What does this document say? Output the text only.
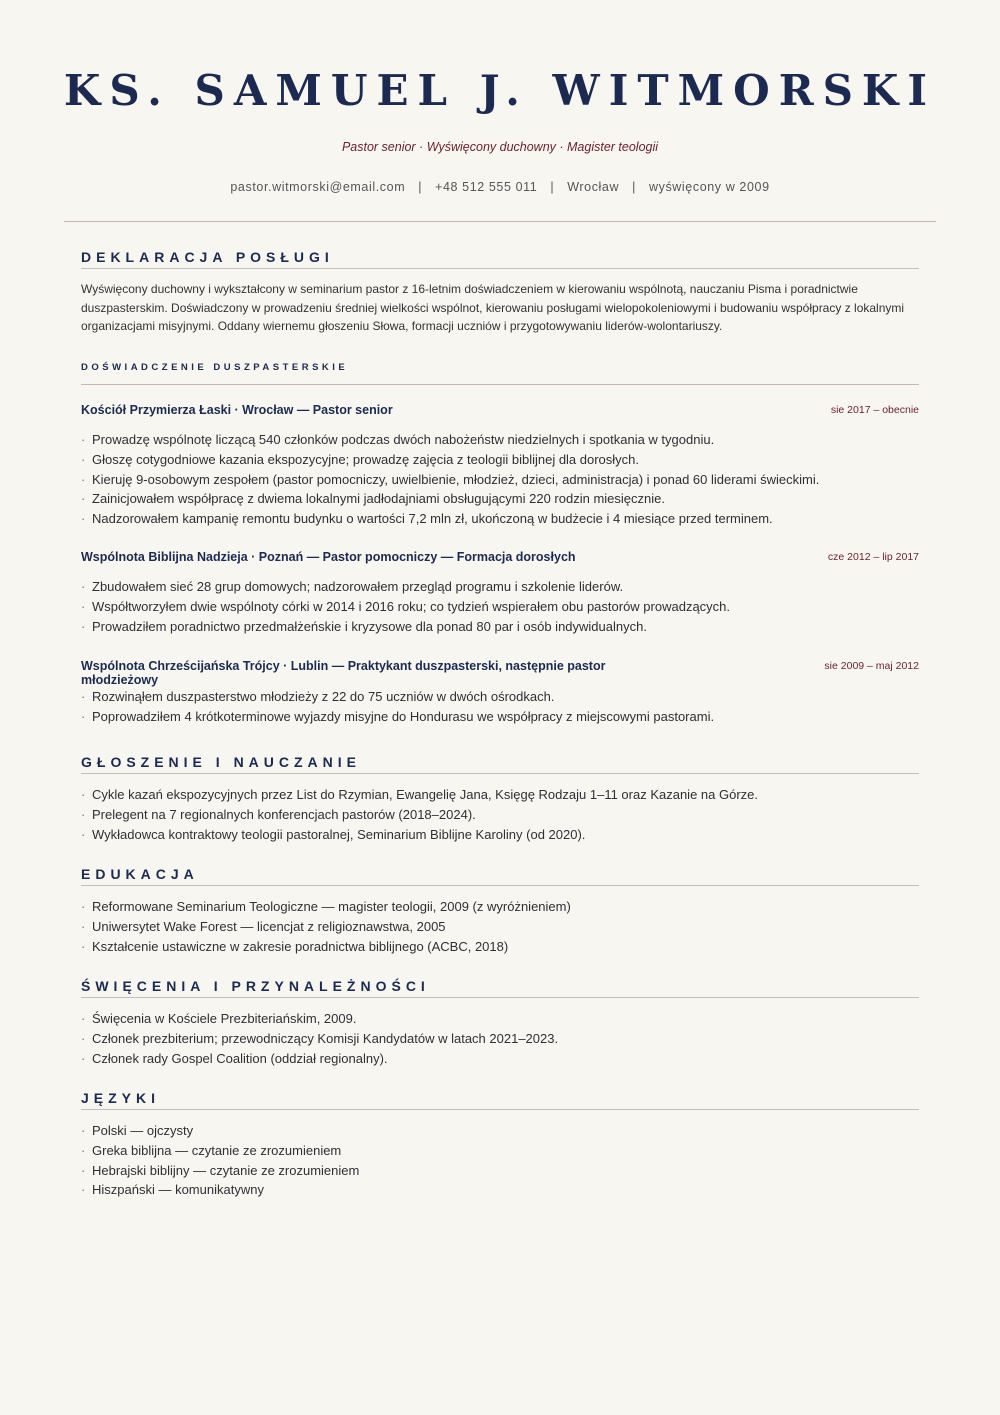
KS. SAMUEL J. WITMORSKI
Pastor senior · Wyświęcony duchowny · Magister teologii
pastor.witmorski@email.com | +48 512 555 011 | Wrocław | wyświęcony w 2009
DEKLARACJA POSŁUGI
Wyświęcony duchowny i wykształcony w seminarium pastor z 16-letnim doświadczeniem w kierowaniu wspólnotą, nauczaniu Pisma i poradnictwie duszpasterskim. Doświadczony w prowadzeniu średniej wielkości wspólnot, kierowaniu posługami wielopokoleniowymi i budowaniu współpracy z lokalnymi organizacjami misyjnymi. Oddany wiernemu głoszeniu Słowa, formacji uczniów i przygotowywaniu liderów-wolontariuszy.
DOŚWIADCZENIE DUSZPASTERSKIE
Kościół Przymierza Łaski · Wrocław — Pastor senior	sie 2017 – obecnie
· Prowadzę wspólnotę liczącą 540 członków podczas dwóch nabożeństw niedzielnych i spotkania w tygodniu.
· Głoszę cotygodniowe kazania ekspozycyjne; prowadzę zajęcia z teologii biblijnej dla dorosłych.
· Kieruję 9-osobowym zespołem (pastor pomocniczy, uwielbienie, młodzież, dzieci, administracja) i ponad 60 liderami świeckimi.
· Zainicjowałem współpracę z dwiema lokalnymi jadłodajniami obsługującymi 220 rodzin miesięcznie.
· Nadzorowałem kampanię remontu budynku o wartości 7,2 mln zł, ukończoną w budżecie i 4 miesiące przed terminem.
Wspólnota Biblijna Nadzieja · Poznań — Pastor pomocniczy — Formacja dorosłych	cze 2012 – lip 2017
· Zbudowałem sieć 28 grup domowych; nadzorowałem przegląd programu i szkolenie liderów.
· Współtworzyłem dwie wspólnoty córki w 2014 i 2016 roku; co tydzień wspierałem obu pastorów prowadzących.
· Prowadziłem poradnictwo przedmałżeńskie i kryzysowe dla ponad 80 par i osób indywidualnych.
Wspólnota Chrześcijańska Trójcy · Lublin — Praktykant duszpasterski, następnie pastor młodzieżowy
sie 2009 – maj 2012
· Rozwinąłem duszpasterstwo młodzieży z 22 do 75 uczniów w dwóch ośrodkach.
· Poprowadziłem 4 krótkoterminowe wyjazdy misyjne do Hondurasu we współpracy z miejscowymi pastorami.
GŁOSZENIE I NAUCZANIE
· Cykle kazań ekspozycyjnych przez List do Rzymian, Ewangelię Jana, Księgę Rodzaju 1–11 oraz Kazanie na Górze.
· Prelegent na 7 regionalnych konferencjach pastorów (2018–2024).
· Wykładowca kontraktowy teologii pastoralnej, Seminarium Biblijne Karoliny (od 2020).
EDUKACJA
· Reformowane Seminarium Teologiczne — magister teologii, 2009 (z wyróżnieniem)
· Uniwersytet Wake Forest — licencjat z religioznawstwa, 2005
· Kształcenie ustawiczne w zakresie poradnictwa biblijnego (ACBC, 2018)
ŚWIĘCENIA I PRZYNALEŻNOŚCI
· Święcenia w Kościele Prezbiteriańskim, 2009.
· Członek prezbiterium; przewodniczący Komisji Kandydatów w latach 2021–2023.
· Członek rady Gospel Coalition (oddział regionalny).
JĘZYKI
· Polski — ojczysty
· Greka biblijna — czytanie ze zrozumieniem
· Hebrajski biblijny — czytanie ze zrozumieniem
· Hiszpański — komunikatywny
